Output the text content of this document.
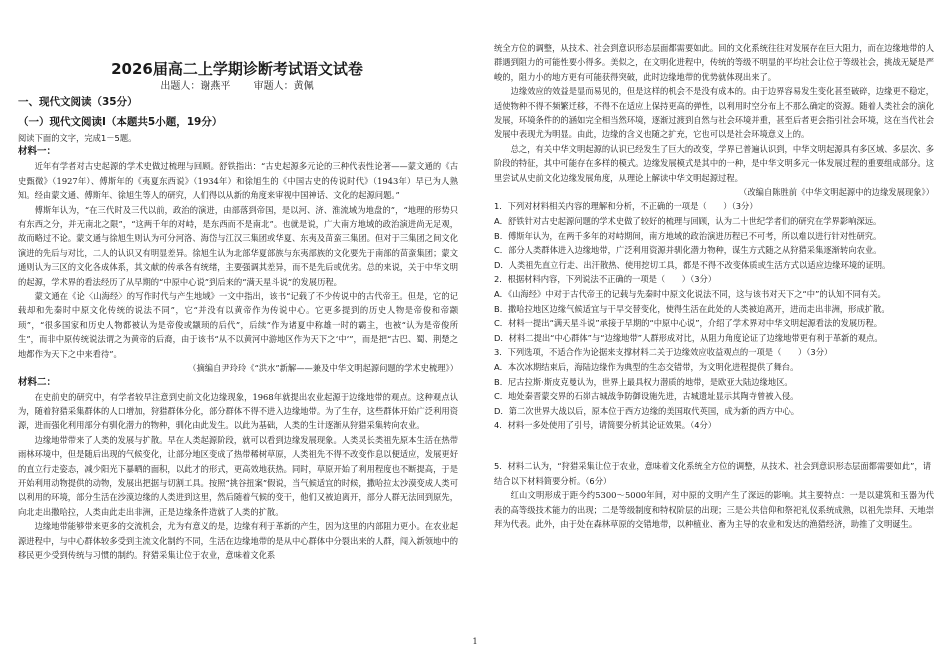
2026届高二上学期诊断考试语文试卷
出题人：谢燕平 审题人：黄佩
一、现代文阅读（35分）
（一）现代文阅读Ⅰ（本题共5小题，19分）

阅读下面的文字，完成1－5题。

材料一：

近年有学者对古史起源的学术史做过梳理与回顾。舒铁指出：“古史起源多元论的三种代表性论著——蒙文通的《古史甄微》（1927年）、傅斯年的《夷夏东西说》（1934年）和徐旭生的《中国古史的传说时代》（1943年）早已为人熟知。经由蒙文通、傅斯年、徐旭生等人的研究，人们得以从新的角度来审视中国神话、文化的起源问题。”

傅斯年认为，“在三代时及三代以前，政治的演进，由部落到帝国，是以河、济、淮流域为地盘的”，“地理的形势只有东西之分，并无南北之限”，“这两千年的对峙，是东西而不是南北”。也就是说，广大南方地域的政治演进尚无足观，故而略过不论。蒙文通与徐旭生则认为可分河洛、海岱与江汉三集团或华夏、东夷及苗蛮三集团。但对于三集团之间文化演进的先后与对比，二人的认识又有明显差异。徐旭生认为北部华夏部族与东夷部族的文化要先于南部的苗蛮集团；蒙文通则认为三区的文化各成体系，其文献的传承各有统绪，主要强调其差异，而不是先后或优劣。总的来说，关于中华文明的起源，学术界的看法经历了从早期的“中原中心说”到后来的“满天星斗说”的发展历程。

蒙文通在《论〈山海经〉的写作时代与产生地域》一文中指出，该书“记载了不少传说中的古代帝王。但是，它的记载却和先秦时中原文化传统的说法不同”，它“并没有以黄帝作为传说中心。它更多提到的历史人物是帝俊和帝颛顼”，“很多国家和历史人物都被认为是帝俊或颛顼的后代”，后续“作为诸夏中称雄一时的霸主，也被“认为是帝俊所生”，而非中原传统说法谓之为黄帝的后裔，由于该书“从不以黄河中游地区作为天下之‘中’”，而是把“古巴、蜀、荆楚之地都作为天下之中来看待”。

（摘编自尹玲玲《“洪水”新解——兼及中华文明起源问题的学术史梳理》）

材料二：

在史前史的研究中，有学者较早注意到史前文化边缘现象，1968年就提出农业起源于边缘地带的观点。这种观点认为，随着狩猎采集群体的人口增加，狩猎群体分化，部分群体不得不进入边缘地带。为了生存，这些群体开始广泛利用资源，进而强化利用部分有驯化潜力的物种，驯化由此发生。以此为基础，人类的生计逐渐从狩猎采集转向农业。

边缘地带带来了人类的发展与扩散。早在人类起源阶段，就可以看到边缘发展现象。人类灵长类祖先原本生活在热带雨林环境中，但是随后出现的气候变化，让部分地区变成了热带稀树草原，人类祖先不得不改变作息以便适应，发展更好的直立行走姿态，减少阳光下暴晒的面积，以此才的形式，更高效地获热。同时，草原开始了利用程度也不断提高，于是开始利用动物提供的动物，发展出把据与切割工具。按照“挑谷扭案”假说，当气候适宜的时候，撒哈拉太沙漠变成人类可以利用的环境，部分生活在沙漠边缘的人类进到这里，然后随着气候的变干，他们又被迫离开，部分人群无法回到原先，向北走出撒哈拉，人类由此走出非洲，正是边缘条件造就了人类的扩散。

边缘地带能够带来更多的交流机会，尤为有意义的是，边缘有利于革新的产生，因为这里的内部阻力更小。在农业起源进程中，与中心群体较多受到主流文化制约不同，生活在边缘地带的是从中心群体中分裂出来的人群，闯入新领地中的移民更少受到传统与习惯的制约。狩猎采集让位于农业，意味着文化系

统全方位的调整，从技术、社会到意识形态层面都需要如此。回的文化系统往往对发展存在巨大阻力，而在边缘地带的人群遇到阻力的可能性要小得多。美似之，在文明化进程中，传统的等级不明显的平均社会让位于等级社会，挑战无疑是严峻的，阻力小的地方更有可能获得突破，此时边缘地带的优势就体现出来了。

边缘效应的效益是显而易见的，但是这样的机会不是没有成本的。由于边界容易发生变化甚至破碎，边缘更不稳定，适使物种不得不频繁迁移，不得不在适应上保持更高的弹性，以利用时空分布上不那么确定的资源。随着人类社会的演化发展，环境条件的的涵如完全相当然环境，逐渐过渡到自然与社会环境并重，甚至后者更会指引社会环境，这在当代社会发展中表现尤为明显。由此，边缘的含义也随之扩充，它也可以是社会环境意义上的。

总之，有关中华文明起源的认识已经发生了巨大的改变，学界已普遍认识到，中华文明起源具有多区域、多层次、多阶段的特征，其中可能存在多样的模式。边缘发展模式是其中的一种，是中华文明多元一体发展过程的重要组成部分。这里尝试从史前文化边缘发展角度，从理论上解读中华文明起源过程。

（改编自陈胜前《中华文明起源中的边缘发展现象》）

1．下列对材料相关内容的理解和分析，不正确的一项是（　　）（3分）

A．舒铁针对古史起源问题的学术史做了较好的梳理与回顾，认为二十世纪学者们的研究在学界影响深远。

B．傅斯年认为，在两千多年的对峙期间，南方地域的政治演进历程已不可考，所以难以进行针对性研究。

C．部分人类群体进入边缘地带，广泛利用资源并驯化潜力物种，谋生方式随之从狩猎采集逐渐转向农业。

D．人类祖先直立行走、出汗散热、使用挖切工具，都是不得不改变体质或生活方式以适应边缘环境的证明。

2．根据材料内容，下列说法不正确的一项是（　　）（3分）

A．《山海经》中对于古代帝王的记载与先秦时中原文化说法不同，这与该书对天下之“中”的认知不同有关。

B．撒哈拉地区边缘气候适宜与干旱交替变化，使得生活在此处的人类被迫离开，进而走出非洲，形成扩散。

C．材料一提出“满天星斗说”承接于早期的“中原中心说”，介绍了学术界对中华文明起源看法的发展历程。

D．材料二提出“中心群体”与“边缘地带”人群形成对比，从阻力角度论证了边缘地带更有利于革新的观点。

3．下列选项，不适合作为论据来支撑材料二关于边缘效应收益观点的一项是（　　）（3分）

A．本次冰期结束后，海陆边缘作为典型的生态交错带，为文明化进程提供了舞台。

B．尼古拉斯·斯皮克曼认为，世界上最具权力潜质的地带，是欧亚大陆边缘地区。

C．地处秦晋蒙交界的石峁古城战争防御设施先进，古城遗址显示其陶寺曾被入侵。

D．第二次世界大战以后，原本位于西方边缘的美国取代英国，成为新的西方中心。

4．材料一多处使用了引号，请简要分析其论证效果。（4分）

5．材料二认为，“狩猎采集让位于农业，意味着文化系统全方位的调整，从技术、社会到意识形态层面都需要如此”，请结合以下材料简要分析。（6分）

红山文明形成于距今约5300～5000年间，对中原的文明产生了深远的影响。其主要特点：一是以建筑和玉器为代表的高等级技术能力的出现；二是等级制度和特权阶层的出现；三是公共信仰和祭祀礼仪系统成熟，以祖先崇拜、天地崇拜为代表。此外，由于处在森林草原的交错地带，以种植业、畜为主导的农业和发达的渔猎经济，助推了文明诞生。

1
